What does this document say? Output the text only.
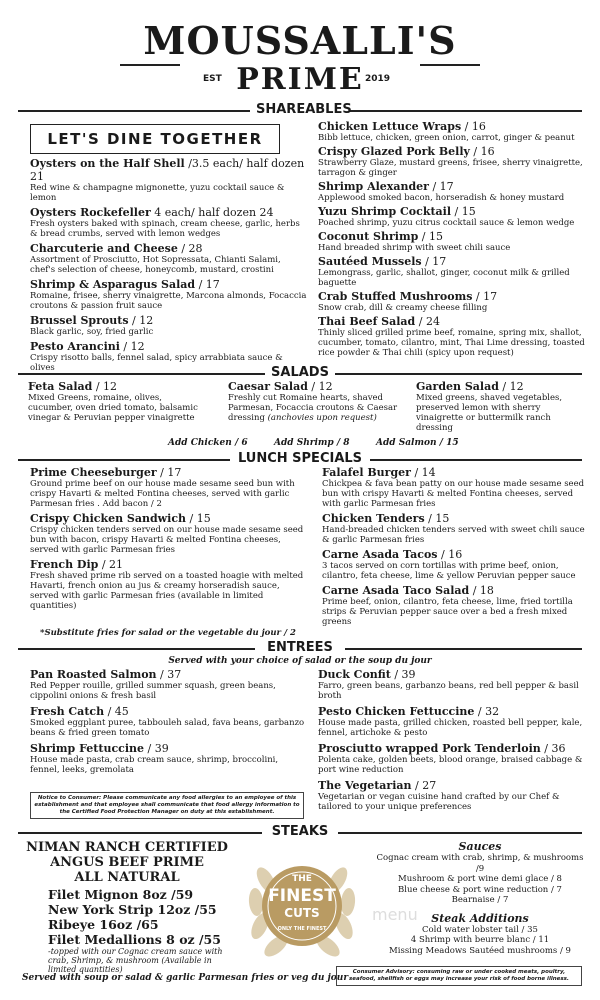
MOUSSALLI'S
EST PRIME 2019
SHAREABLES
LET'S DINE TOGETHER
Oysters on the Half Shell /3.5 each/ half dozen 21
Red wine & champagne mignonette, yuzu cocktail sauce & lemon
Oysters Rockefeller 4 each/ half dozen 24
Fresh oysters baked with spinach, cream cheese, garlic, herbs & bread crumbs, served with lemon wedges
Charcuterie and Cheese / 28
Assortment of Prosciutto, Hot Sopressata, Chianti Salami, chef's selection of cheese, honeycomb, mustard, crostini
Shrimp & Asparagus Salad / 17
Romaine, frisee, sherry vinaigrette, Marcona almonds, Focaccia croutons & passion fruit sauce
Brussel Sprouts / 12
Black garlic, soy, fried garlic
Pesto Arancini / 12
Crispy risotto balls, fennel salad, spicy arrabbiata sauce & olives
Chicken Lettuce Wraps / 16
Bibb lettuce, chicken, green onion, carrot, ginger & peanut
Crispy Glazed Pork Belly / 16
Strawberry Glaze, mustard greens, frisee, sherry vinaigrette, tarragon & ginger
Shrimp Alexander / 17
Applewood smoked bacon, horseradish & honey mustard
Yuzu Shrimp Cocktail / 15
Poached shrimp, yuzu citrus cocktail sauce & lemon wedge
Coconut Shrimp / 15
Hand breaded shrimp with sweet chili sauce
Sautéed Mussels / 17
Lemongrass, garlic, shallot, ginger, coconut milk & grilled baguette
Crab Stuffed Mushrooms / 17
Snow crab, dill & creamy cheese filling
Thai Beef Salad / 24
Thinly sliced grilled prime beef, romaine, spring mix, shallot, cucumber, tomato, cilantro, mint, Thai Lime dressing, toasted rice powder & Thai chili (spicy upon request)
SALADS
Feta Salad / 12
Mixed Greens, romaine, olives, cucumber, oven dried tomato, balsamic vinegar & Peruvian pepper vinaigrette
Caesar Salad / 12
Freshly cut Romaine hearts, shaved Parmesan, Focaccia croutons & Caesar dressing (anchovies upon request)
Garden Salad / 12
Mixed greens, shaved vegetables, preserved lemon with sherry vinaigrette or buttermilk ranch dressing
Add Chicken / 6	Add Shrimp / 8	Add Salmon / 15
LUNCH SPECIALS
Prime Cheeseburger / 17
Ground prime beef on our house made sesame seed bun with crispy Havarti & melted Fontina cheeses, served with garlic Parmesan fries . Add bacon / 2
Crispy Chicken Sandwich / 15
Crispy chicken tenders served on our house made sesame seed bun with bacon, crispy Havarti & melted Fontina cheeses, served with garlic Parmesan fries
French Dip / 21
Fresh shaved prime rib served on a toasted hoagie with melted Havarti, french onion au jus & creamy horseradish sauce, served with garlic Parmesan fries (available in limited quantities)
*Substitute fries for salad or the vegetable du jour / 2
Falafel Burger / 14
Chickpea & fava bean patty on our house made sesame seed bun with crispy Havarti & melted Fontina cheeses, served with garlic Parmesan fries
Chicken Tenders / 15
Hand-breaded chicken tenders served with sweet chili sauce & garlic Parmesan fries
Carne Asada Tacos / 16
3 tacos served on corn tortillas with prime beef, onion, cilantro, feta cheese, lime & yellow Peruvian pepper sauce
Carne Asada Taco Salad / 18
Prime beef, onion, cilantro, feta cheese, lime, fried tortilla strips & Peruvian pepper sauce over a bed a fresh mixed greens
ENTREES
Served with your choice of salad or the soup du jour
Pan Roasted Salmon / 37
Red Pepper rouille, grilled summer squash, green beans, cippolini onions & fresh basil
Fresh Catch / 45
Smoked eggplant puree, tabbouleh salad, fava beans, garbanzo beans & fried green tomato
Shrimp Fettuccine / 39
House made pasta, crab cream sauce, shrimp, broccolini, fennel, leeks, gremolata
Notice to Consumer: Please communicate any food allergies to an employee of this establishment and that employee shall communicate that food allergy information to the Certified Food Protection Manager on duty at this establishment.
Duck Confit / 39
Farro, green beans, garbanzo beans, red bell pepper & basil broth
Pesto Chicken Fettuccine / 32
House made pasta, grilled chicken, roasted bell pepper, kale, fennel, artichoke & pesto
Prosciutto wrapped Pork Tenderloin / 36
Polenta cake, golden beets, blood orange, braised cabbage & port wine reduction
The Vegetarian / 27
Vegetarian or vegan cuisine hand crafted by our Chef & tailored to your unique preferences
STEAKS
NIMAN RANCH CERTIFIED
ANGUS BEEF PRIME
ALL NATURAL
Filet Mignon 8oz /59
New York Strip 12oz /55
Ribeye 16oz /65
Filet Medallions 8 oz /55
-topped with our Cognac cream sauce with crab, Shrimp, & mushroom (Available in limited quantities)
Served with soup or salad & garlic Parmesan fries or veg du jour
THE
FINEST
CUTS
ONLY THE FINEST
Sauces
Cognac cream with crab, shrimp, & mushrooms /9
Mushroom & port wine demi glace / 8
Blue cheese & port wine reduction / 7
Bearnaise / 7
Steak Additions
Cold water lobster tail / 35
4 Shrimp with beurre blanc / 11
Missing Meadows Sautéed mushrooms / 9
menu
Consumer Advisory: consuming raw or under cooked meats, poultry, seafood, shellfish or eggs may increase your risk of food borne illness.
